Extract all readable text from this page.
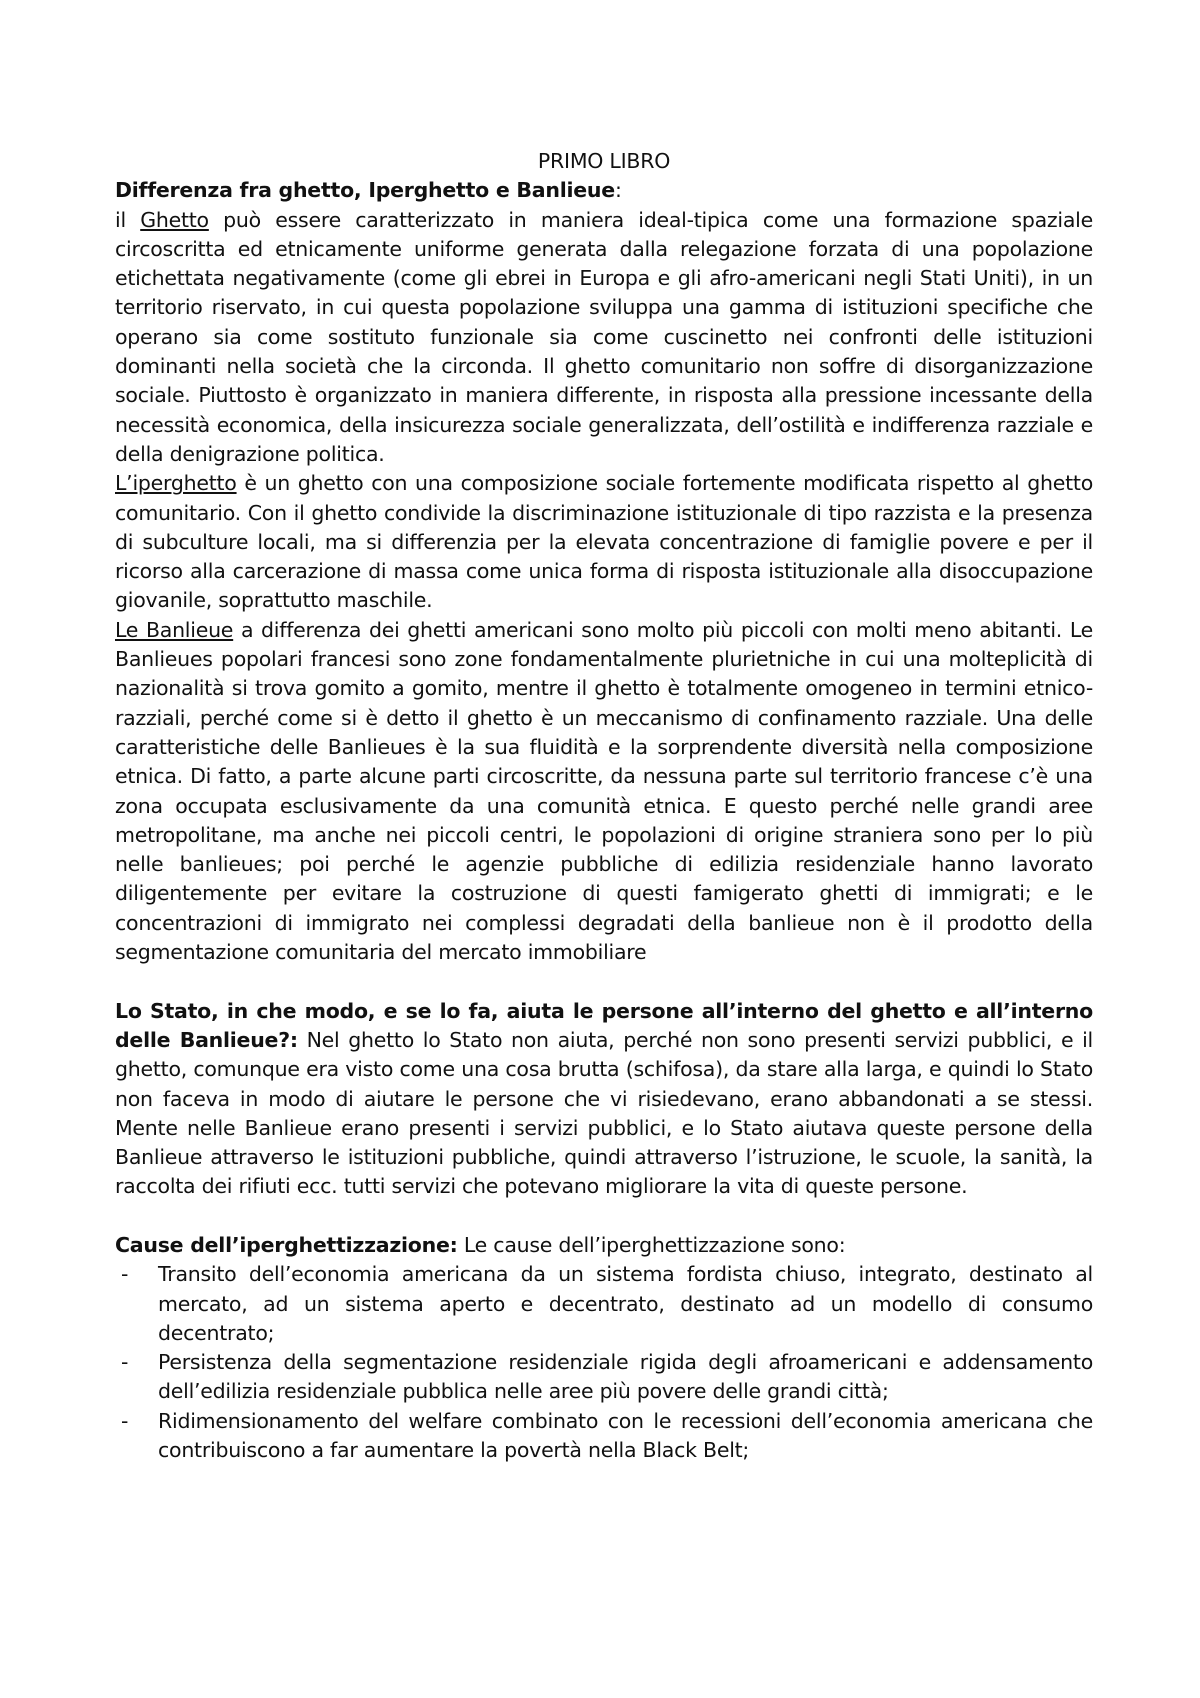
PRIMO LIBRO

Differenza fra ghetto, Iperghetto e Banlieue:

il Ghetto può essere caratterizzato in maniera ideal-tipica come una formazione spaziale circoscritta ed etnicamente uniforme generata dalla relegazione forzata di una popolazione etichettata negativamente (come gli ebrei in Europa e gli afro-americani negli Stati Uniti), in un territorio riservato, in cui questa popolazione sviluppa una gamma di istituzioni specifiche che operano sia come sostituto funzionale sia come cuscinetto nei confronti delle istituzioni dominanti nella società che la circonda. Il ghetto comunitario non soffre di disorganizzazione sociale. Piuttosto è organizzato in maniera differente, in risposta alla pressione incessante della necessità economica, della insicurezza sociale generalizzata, dell’ostilità e indifferenza razziale e della denigrazione politica.

L’iperghetto è un ghetto con una composizione sociale fortemente modificata rispetto al ghetto comunitario. Con il ghetto condivide la discriminazione istituzionale di tipo razzista e la presenza di subculture locali, ma si differenzia per la elevata concentrazione di famiglie povere e per il ricorso alla carcerazione di massa come unica forma di risposta istituzionale alla disoccupazione giovanile, soprattutto maschile.

Le Banlieue a differenza dei ghetti americani sono molto più piccoli con molti meno abitanti. Le Banlieues popolari francesi sono zone fondamentalmente plurietniche in cui una molteplicità di nazionalità si trova gomito a gomito, mentre il ghetto è totalmente omogeneo in termini etnico-razziali, perché come si è detto il ghetto è un meccanismo di confinamento razziale. Una delle caratteristiche delle Banlieues è la sua fluidità e la sorprendente diversità nella composizione etnica. Di fatto, a parte alcune parti circoscritte, da nessuna parte sul territorio francese c’è una zona occupata esclusivamente da una comunità etnica. E questo perché nelle grandi aree metropolitane, ma anche nei piccoli centri, le popolazioni di origine straniera sono per lo più nelle banlieues; poi perché le agenzie pubbliche di edilizia residenziale hanno lavorato diligentemente per evitare la costruzione di questi famigerato ghetti di immigrati; e le concentrazioni di immigrato nei complessi degradati della banlieue non è il prodotto della segmentazione comunitaria del mercato immobiliare

Lo Stato, in che modo, e se lo fa, aiuta le persone all’interno del ghetto e all’interno delle Banlieue?: Nel ghetto lo Stato non aiuta, perché non sono presenti servizi pubblici, e il ghetto, comunque era visto come una cosa brutta (schifosa), da stare alla larga, e quindi lo Stato non faceva in modo di aiutare le persone che vi risiedevano, erano abbandonati a se stessi. Mente nelle Banlieue erano presenti i servizi pubblici, e lo Stato aiutava queste persone della Banlieue attraverso le istituzioni pubbliche, quindi attraverso l’istruzione, le scuole, la sanità, la raccolta dei rifiuti ecc. tutti servizi che potevano migliorare la vita di queste persone.

Cause dell’iperghettizzazione: Le cause dell’iperghettizzazione sono:

- Transito dell’economia americana da un sistema fordista chiuso, integrato, destinato al mercato, ad un sistema aperto e decentrato, destinato ad un modello di consumo decentrato;
- Persistenza della segmentazione residenziale rigida degli afroamericani e addensamento dell’edilizia residenziale pubblica nelle aree più povere delle grandi città;
- Ridimensionamento del welfare combinato con le recessioni dell’economia americana che contribuiscono a far aumentare la povertà nella Black Belt;
